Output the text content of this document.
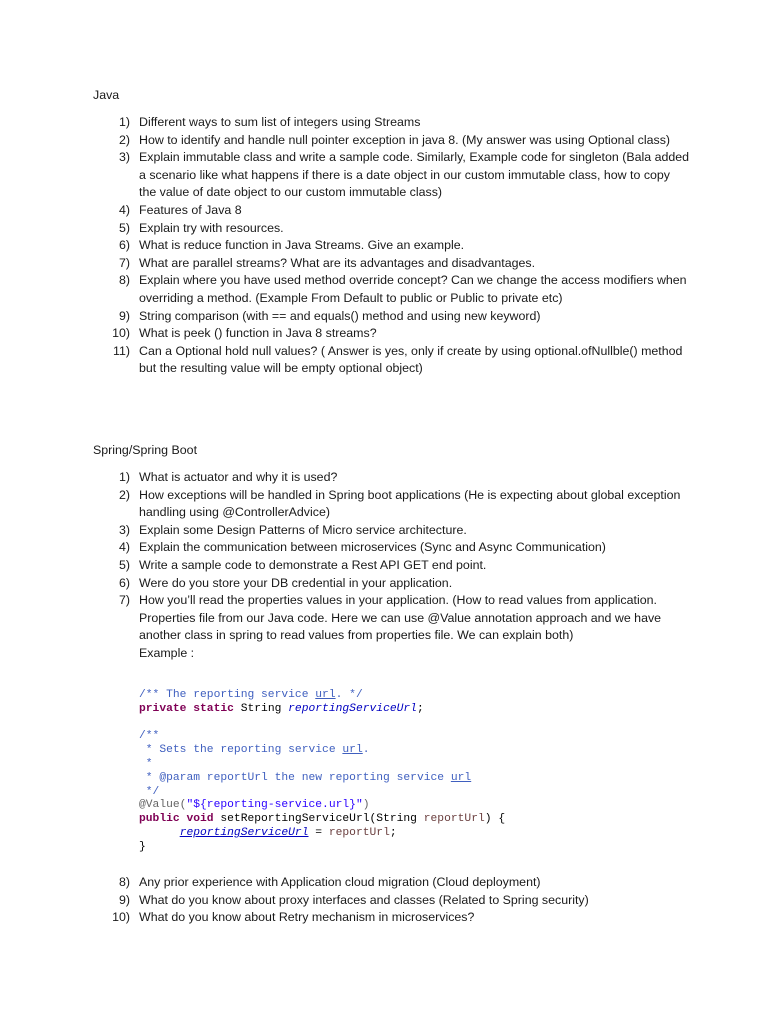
Java
1) Different ways to sum list of integers using Streams
2) How to identify and handle null pointer exception in java 8. (My answer was using Optional class)
3) Explain immutable class and write a sample code. Similarly, Example code for singleton (Bala added a scenario like what happens if there is a date object in our custom immutable class, how to copy the value of date object to our custom immutable class)
4) Features of Java 8
5) Explain try with resources.
6) What is reduce function in Java Streams. Give an example.
7) What are parallel streams? What are its advantages and disadvantages.
8) Explain where you have used method override concept? Can we change the access modifiers when overriding a method. (Example From Default to public or Public to private etc)
9) String comparison (with == and equals() method and using new keyword)
10) What is peek () function in Java 8 streams?
11) Can a Optional hold null values? ( Answer is yes, only if create by using optional.ofNullble() method but the resulting value will be empty optional object)
Spring/Spring Boot
1) What is actuator and why it is used?
2) How exceptions will be handled in Spring boot applications (He is expecting about global exception handling using @ControllerAdvice)
3) Explain some Design Patterns of Micro service architecture.
4) Explain the communication between microservices (Sync and Async Communication)
5) Write a sample code to demonstrate a Rest API GET end point.
6) Were do you store your DB credential in your application.
7) How you’ll read the properties values in your application. (How to read values from application. Properties file from our Java code. Here we can use @Value annotation approach and we have another class in spring to read values from properties file. We can explain both)
Example :
/** The reporting service url. */
private static String reportingServiceUrl;

/**
* Sets the reporting service url.
*
* @param reportUrl the new reporting service url
*/
@Value("${reporting-service.url}")
public void setReportingServiceUrl(String reportUrl) {
reportingServiceUrl = reportUrl;
}
8) Any prior experience with Application cloud migration (Cloud deployment)
9) What do you know about proxy interfaces and classes (Related to Spring security)
10) What do you know about Retry mechanism in microservices?
